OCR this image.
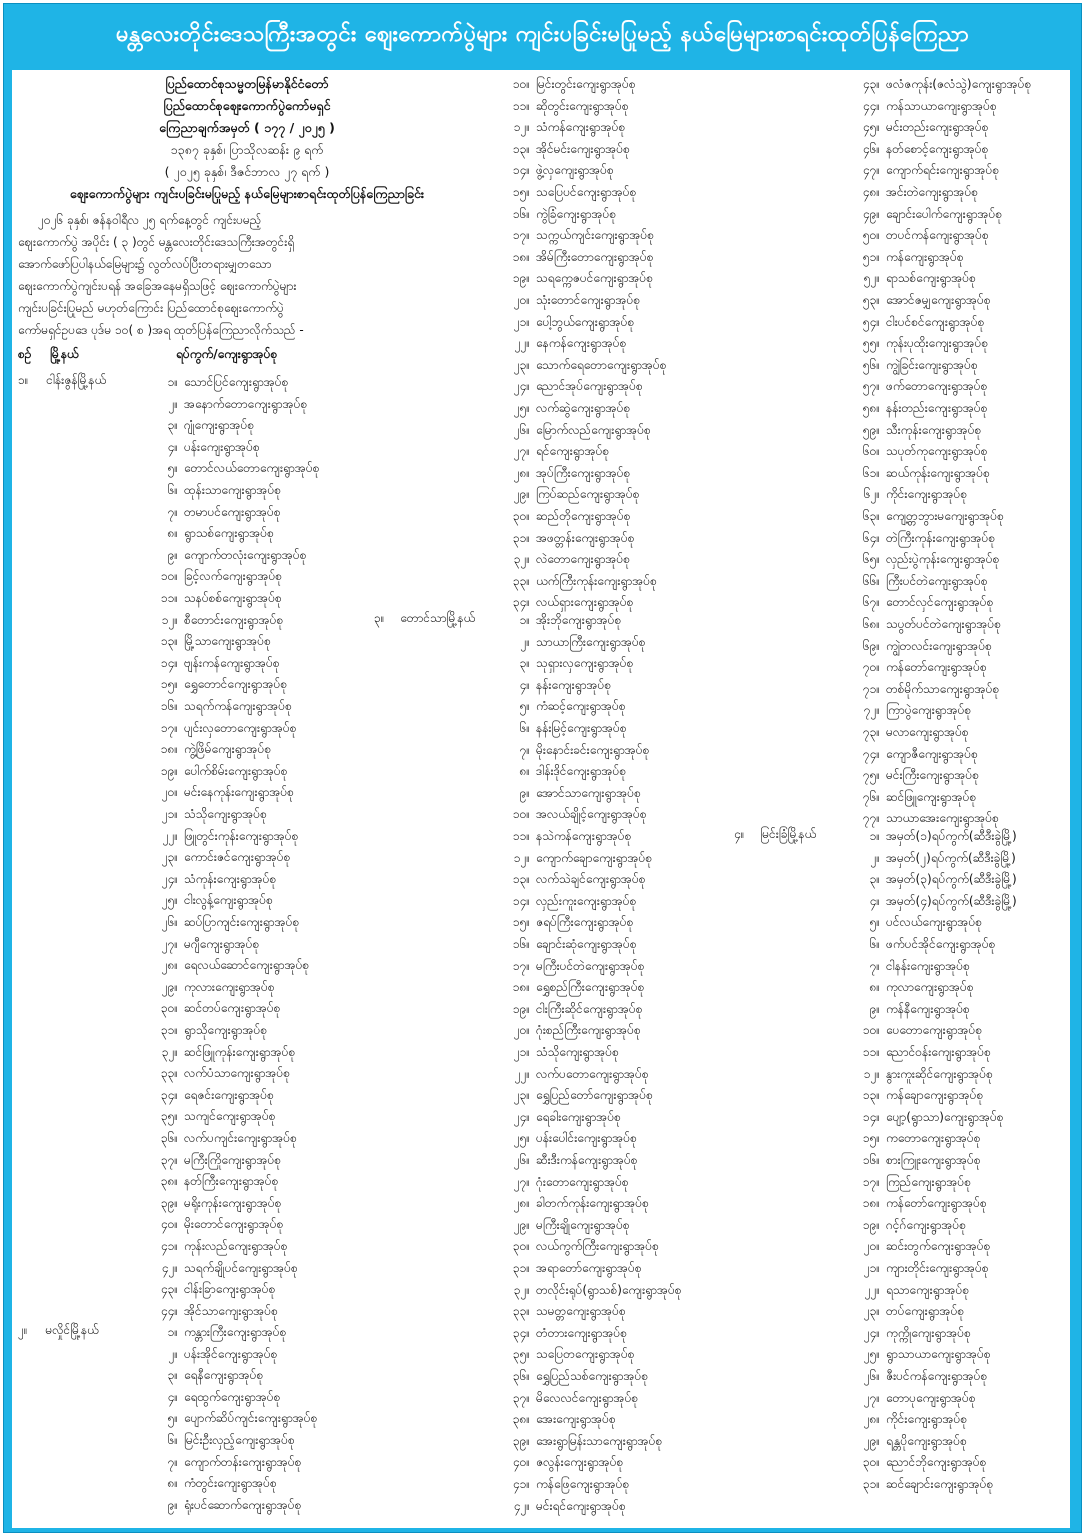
မန္တလေးတိုင်းဒေသကြီးအတွင်း ဈေးကောက်ပွဲများ ကျင်းပခြင်းမပြုမည့် နယ်မြေများစာရင်းထုတ်ပြန်ကြေညာ
ပြည်ထောင်စုသမ္မတမြန်မာနိုင်ငံတော်
ပြည်ထောင်စုဈေးကောက်ပွဲကော်မရှင်
ကြေညာချက်အမှတ် ( ၁၇၇ / ၂၀၂၅ )
၁၃၈၇ ခုနှစ်၊ ပြာသိုလဆန်း ၉ ရက်
( ၂၀၂၅ ခုနှစ်၊ ဒီဇင်ဘာလ ၂၇ ရက် )
ဈေးကောက်ပွဲများ ကျင်းပခြင်းမပြုမည့် နယ်မြေများစာရင်းထုတ်ပြန်ကြေညာခြင်း
၂၀၂၆ ခုနှစ်၊ ဇန်နဝါရီလ ၂၅ ရက်နေ့တွင် ကျင်းပမည့်
ဈေးကောက်ပွဲ အပိုင်း ( ၃ )တွင် မန္တလေးတိုင်းဒေသကြီးအတွင်းရှိ
အောက်ဖော်ပြပါနယ်မြေများ၌ လွတ်လပ်ပြီးတရားမျှတသော
ဈေးကောက်ပွဲကျင်းပရန် အခြေအနေမရှိသဖြင့် ဈေးကောက်ပွဲများ
ကျင်းပခြင်းပြုမည် မဟုတ်ကြောင်း ပြည်ထောင်စုဈေးကောက်ပွဲ
ကော်မရှင်ဥပဒေ ပုဒ်မ ၁၀( စ )အရ ထုတ်ပြန်ကြေညာလိုက်သည် -
စဉ် မြို့နယ်	ရပ်ကွက်/ကျေးရွာအုပ်စု
၁။ ငါန်းဇွန်မြို့နယ်
၂။ မလှိုင်မြို့နယ်
၃။ တောင်သာမြို့နယ်
၄။ မြင်းခြံမြို့နယ်
၁။ သောင်ပြင်ကျေးရွာအုပ်စု
၂။ အနောက်တောကျေးရွာအုပ်စု
၃။ ဂျုံကျေးရွာအုပ်စု
၄။ ပန်းကျေးရွာအုပ်စု
၅။ တောင်လယ်တောကျေးရွာအုပ်စု
၆။ ထုန်းသာကျေးရွာအုပ်စု
၇။ တမာပင်ကျေးရွာအုပ်စု
၈။ ရွာသစ်ကျေးရွာအုပ်စု
၉။ ကျောက်တလုံးကျေးရွာအုပ်စု
၁၀။ ခြင့်လက်ကျေးရွာအုပ်စု
၁၁။ သနပ်စစ်ကျေးရွာအုပ်စု
၁၂။ စီတောင်းကျေးရွာအုပ်စု
၁၃။ မြို့သာကျေးရွာအုပ်စု
၁၄။ ဗျန်းကန်ကျေးရွာအုပ်စု
၁၅။ ရွှေတောင်ကျေးရွာအုပ်စု
၁၆။ သရက်ကန်ကျေးရွာအုပ်စု
၁၇။ ပျင်းလှတောကျေးရွာအုပ်စု
၁၈။ ကွဲ့ဖြိမ်ကျေးရွာအုပ်စု
၁၉။ ပေါက်စိမ်းကျေးရွာအုပ်စု
၂၀။ မင်းနေကုန်းကျေးရွာအုပ်စု
၂၁။ သံသိုကျေးရွာအုပ်စု
၂၂။ ဖြူတွင်းကုန်းကျေးရွာအုပ်စု
၂၃။ ကောင်းဇင်ကျေးရွာအုပ်စု
၂၄။ သံကုန်းကျေးရွာအုပ်စု
၂၅။ ငါးလွန့်ကျေးရွာအုပ်စု
၂၆။ ဆပ်ပြာကျင်းကျေးရွာအုပ်စု
၂၇။ မဂျီကျေးရွာအုပ်စု
၂၈။ ရေလယ်ဆောင်ကျေးရွာအုပ်စု
၂၉။ ကုလားကျေးရွာအုပ်စု
၃၀။ ဆင်တပ်ကျေးရွာအုပ်စု
၃၁။ ရွာသိုကျေးရွာအုပ်စု
၃၂။ ဆင်ဖြူကုန်းကျေးရွာအုပ်စု
၃၃။ လက်ပံသာကျေးရွာအုပ်စု
၃၄။ ရေဇင်းကျေးရွာအုပ်စု
၃၅။ သကျင်ကျေးရွာအုပ်စု
၃၆။ လက်ပကျင်းကျေးရွာအုပ်စု
၃၇။ မကြီးကြိုကျေးရွာအုပ်စု
၃၈။ နတ်ကြီးကျေးရွာအုပ်စု
၃၉။ မရိုးကုန်းကျေးရွာအုပ်စု
၄၀။ မိုးတောင်ကျေးရွာအုပ်စု
၄၁။ ကုန်းလည်ကျေးရွာအုပ်စု
၄၂။ သရက်ချိုပင်ကျေးရွာအုပ်စု
၄၃။ ငါန်းခြာကျေးရွာအုပ်စု
၄၄။ အိုင်သာကျေးရွာအုပ်စု
၁။ ကန္တားကြီးကျေးရွာအုပ်စု
၂။ ပန်းအိုင်ကျေးရွာအုပ်စု
၃။ ရေနီကျေးရွာအုပ်စု
၄။ ရေထွက်ကျေးရွာအုပ်စု
၅။ ပျောက်ဆိပ်ကျင်းကျေးရွာအုပ်စု
၆။ မြင်းဦးလှည့်ကျေးရွာအုပ်စု
၇။ ကျောက်တန်းကျေးရွာအုပ်စု
၈။ ကံတွင်းကျေးရွာအုပ်စု
၉။ ရုံးပင်ဆောက်ကျေးရွာအုပ်စု
၁၀။ မြင်းတွင်းကျေးရွာအုပ်စု
၁၁။ ဆိုတွင်းကျေးရွာအုပ်စု
၁၂။ သံကန်ကျေးရွာအုပ်စု
၁၃။ အိုင်မင်းကျေးရွာအုပ်စု
၁၄။ ဖွဲ့လှကျေးရွာအုပ်စု
၁၅။ သပြေပင်ကျေးရွာအုပ်စု
၁၆။ ကွဲခြံကျေးရွာအုပ်စု
၁၇။ သက္ကယ်ကျင်းကျေးရွာအုပ်စု
၁၈။ အိမ်ကြီးတောကျေးရွာအုပ်စု
၁၉။ သရက္ကေဇပင်ကျေးရွာအုပ်စု
၂၀။ သုံးတောင်ကျေးရွာအုပ်စု
၂၁။ ပေါ့ဘွယ်ကျေးရွာအုပ်စု
၂၂။ နေကန်ကျေးရွာအုပ်စု
၂၃။ သောက်ရေတောကျေးရွာအုပ်စု
၂၄။ ညောင်အုပ်ကျေးရွာအုပ်စု
၂၅။ လက်ဆွဲကျေးရွာအုပ်စု
၂၆။ မြောက်လည်ကျေးရွာအုပ်စု
၂၇။ ရင်ကျေးရွာအုပ်စု
၂၈။ အုပ်ကြီးကျေးရွာအုပ်စု
၂၉။ ကြပ်ဆည်ကျေးရွာအုပ်စု
၃၀။ ဆည်တိုကျေးရွာအုပ်စု
၃၁။ အဖတ္တန်းကျေးရွာအုပ်စု
၃၂။ လဲတောကျေးရွာအုပ်စု
၃၃။ ယက်ကြီးကုန်းကျေးရွာအုပ်စု
၃၄။ လယ်ရှားကျေးရွာအုပ်စု
၁။ အိုးဘိုကျေးရွာအုပ်စု
၂။ သာယာကြီးကျေးရွာအုပ်စု
၃။ သုရှားလှကျေးရွာအုပ်စု
၄။ နန်းကျေးရွာအုပ်စု
၅။ ကံဆင့်ကျေးရွာအုပ်စု
၆။ နန်းမြင့်ကျေးရွာအုပ်စု
၇။ မိုးနောင်းခင်းကျေးရွာအုပ်စု
၈။ ဒါန်းဒိုင်ကျေးရွာအုပ်စု
၉။ အောင်သာကျေးရွာအုပ်စု
၁၀။ အလယ်ချိုင့်ကျေးရွာအုပ်စု
၁၁။ နသဲကန်ကျေးရွာအုပ်စု
၁၂။ ကျောက်ချောကျေးရွာအုပ်စု
၁၃။ လက်သဲချင်ကျေးရွာအုပ်စု
၁၄။ လှည်းကူးကျေးရွာအုပ်စု
၁၅။ ဇရပ်ကြီးကျေးရွာအုပ်စု
၁၆။ ချောင်းဆုံကျေးရွာအုပ်စု
၁၇။ မကြီးပင်တဲကျေးရွာအုပ်စု
၁၈။ ရွှေစည်ကြီးကျေးရွာအုပ်စု
၁၉။ ငါးကြီးဆိုင်ကျေးရွာအုပ်စု
၂၀။ ဂုံးစည်ကြီးကျေးရွာအုပ်စု
၂၁။ သံသိုကျေးရွာအုပ်စု
၂၂။ လက်ပတောကျေးရွာအုပ်စု
၂၃။ ရွှေပြည်တော်ကျေးရွာအုပ်စု
၂၄။ ရေခါးကျေးရွာအုပ်စု
၂၅။ ပန်းပေါင်းကျေးရွာအုပ်စု
၂၆။ ဆီးဒီးကန်ကျေးရွာအုပ်စု
၂၇။ ဂုံးတောကျေးရွာအုပ်စု
၂၈။ ခါတက်ကုန်းကျေးရွာအုပ်စု
၂၉။ မကြီးချိုကျေးရွာအုပ်စု
၃၀။ လယ်ကွက်ကြီးကျေးရွာအုပ်စု
၃၁။ အရာတော်ကျေးရွာအုပ်စု
၃၂။ တလိုင်းရုပ်(ရွာသစ်)ကျေးရွာအုပ်စု
၃၃။ သမတ္တကျေးရွာအုပ်စု
၃၄။ တံတားကျေးရွာအုပ်စု
၃၅။ သပြေတကျေးရွာအုပ်စု
၃၆။ ရွှေပြည်သစ်ကျေးရွာအုပ်စု
၃၇။ မိလေလင်ကျေးရွာအုပ်စု
၃၈။ အေးကျေးရွာအုပ်စု
၃၉။ အေးရွာမြန်းသာကျေးရွာအုပ်စု
၄၀။ ဇလွန်းကျေးရွာအုပ်စု
၄၁။ ကန်ဖြေကျေးရွာအုပ်စု
၄၂။ မင်းရင်ကျေးရွာအုပ်စု
၄၃။ ဖလံဇကုန်း(ဇလံသွဲ)ကျေးရွာအုပ်စု
၄၄။ ကန်သာယာကျေးရွာအုပ်စု
၄၅။ မင်းတည်းကျေးရွာအုပ်စု
၄၆။ နတ်စောင့်ကျေးရွာအုပ်စု
၄၇။ ကျောက်ရင်းကျေးရွာအုပ်စု
၄၈။ အင်းတဲကျေးရွာအုပ်စု
၄၉။ ချောင်းပေါက်ကျေးရွာအုပ်စု
၅၀။ တပင်ကန်ကျေးရွာအုပ်စု
၅၁။ ကန်ကျေးရွာအုပ်စု
၅၂။ ရာသစ်ကျေးရွာအုပ်စု
၅၃။ အောင်ဇမျှကျေးရွာအုပ်စု
၅၄။ ငါးပင်စင်ကျေးရွာအုပ်စု
၅၅။ ကုန်းပုထိုးကျေးရွာအုပ်စု
၅၆။ ကျွဲခြင်းကျေးရွာအုပ်စု
၅၇။ ဖက်တောကျေးရွာအုပ်စု
၅၈။ နန်းတည်းကျေးရွာအုပ်စု
၅၉။ သီးကုန်းကျေးရွာအုပ်စု
၆၀။ သပုတ်ကုကျေးရွာအုပ်စု
၆၁။ ဆယ်ကုန်းကျေးရွာအုပ်စု
၆၂။ ကိုင်းကျေးရွာအုပ်စု
၆၃။ ကျေ့တ္တဘွားမကျေးရွာအုပ်စု
၆၄။ တဲကြီးကုန်းကျေးရွာအုပ်စု
၆၅။ လှည်းပွဲကုန်းကျေးရွာအုပ်စု
၆၆။ ကြီးပင်တဲကျေးရွာအုပ်စု
၆၇။ တောင်လှင်ကျေးရွာအုပ်စု
၆၈။ သပွတ်ပင်တဲကျေးရွာအုပ်စု
၆၉။ ကျွဲတလင်းကျေးရွာအုပ်စု
၇၀။ ကန်တော်ကျေးရွာအုပ်စု
၇၁။ တစ်မိုက်သာကျေးရွာအုပ်စု
၇၂။ ကြာပွဲကျေးရွာအုပ်စု
၇၃။ မလာကျေးရွာအုပ်စု
၇၄။ ကျောဇီကျေးရွာအုပ်စု
၇၅။ မင်းကြီးကျေးရွာအုပ်စု
၇၆။ ဆင်ဖြူကျေးရွာအုပ်စု
၇၇။ သာယာအေးကျေးရွာအုပ်စု
၁။ အမှတ်(၁)ရပ်ကွက်(ဆီဒီးခွဲမြို့)
၂။ အမှတ်(၂)ရပ်ကွက်(ဆီဒီးခွဲမြို့)
၃။ အမှတ်(၃)ရပ်ကွက်(ဆီဒီးခွဲမြို့)
၄။ အမှတ်(၄)ရပ်ကွက်(ဆီဒီးခွဲမြို့)
၅။ ပင်လယ်ကျေးရွာအုပ်စု
၆။ ဖက်ပင်အိုင်ကျေးရွာအုပ်စု
၇။ ငါနန်းကျေးရွာအုပ်စု
၈။ ကုလာကျေးရွာအုပ်စု
၉။ ကန်နီကျေးရွာအုပ်စု
၁၀။ ပေတောကျေးရွာအုပ်စု
၁၁။ ညောင်ဝန်းကျေးရွာအုပ်စု
၁၂။ နွားကူးဆိုင်ကျေးရွာအုပ်စု
၁၃။ ကန်ချောကျေးရွာအုပ်စု
၁၄။ ပျော့(ရွာသာ)ကျေးရွာအုပ်စု
၁၅။ ကတောကျေးရွာအုပ်စု
၁၆။ စားကြူးကျေးရွာအုပ်စု
၁၇။ ကြည်ကျေးရွာအုပ်စု
၁၈။ ကန်တော်ကျေးရွာအုပ်စု
၁၉။ ဂင့်ဂ်ကျေးရွာအုပ်စု
၂၀။ ဆင်းတွက်ကျေးရွာအုပ်စု
၂၁။ ကျားတိုင်းကျေးရွာအုပ်စု
၂၂။ ရသာကျေးရွာအုပ်စု
၂၃။ တပ်ကျေးရွာအုပ်စု
၂၄။ ကုက္ကိုကျေးရွာအုပ်စု
၂၅။ ရွာသာယာကျေးရွာအုပ်စု
၂၆။ ဇီးပင်ကန်ကျေးရွာအုပ်စု
၂၇။ တောပုကျေးရွာအုပ်စု
၂၈။ ကိုင်းကျေးရွာအုပ်စု
၂၉။ ရန္တပိုကျေးရွာအုပ်စု
၃၀။ ညောင်ဘိုကျေးရွာအုပ်စု
၃၁။ ဆင်ချောင်းကျေးရွာအုပ်စု
